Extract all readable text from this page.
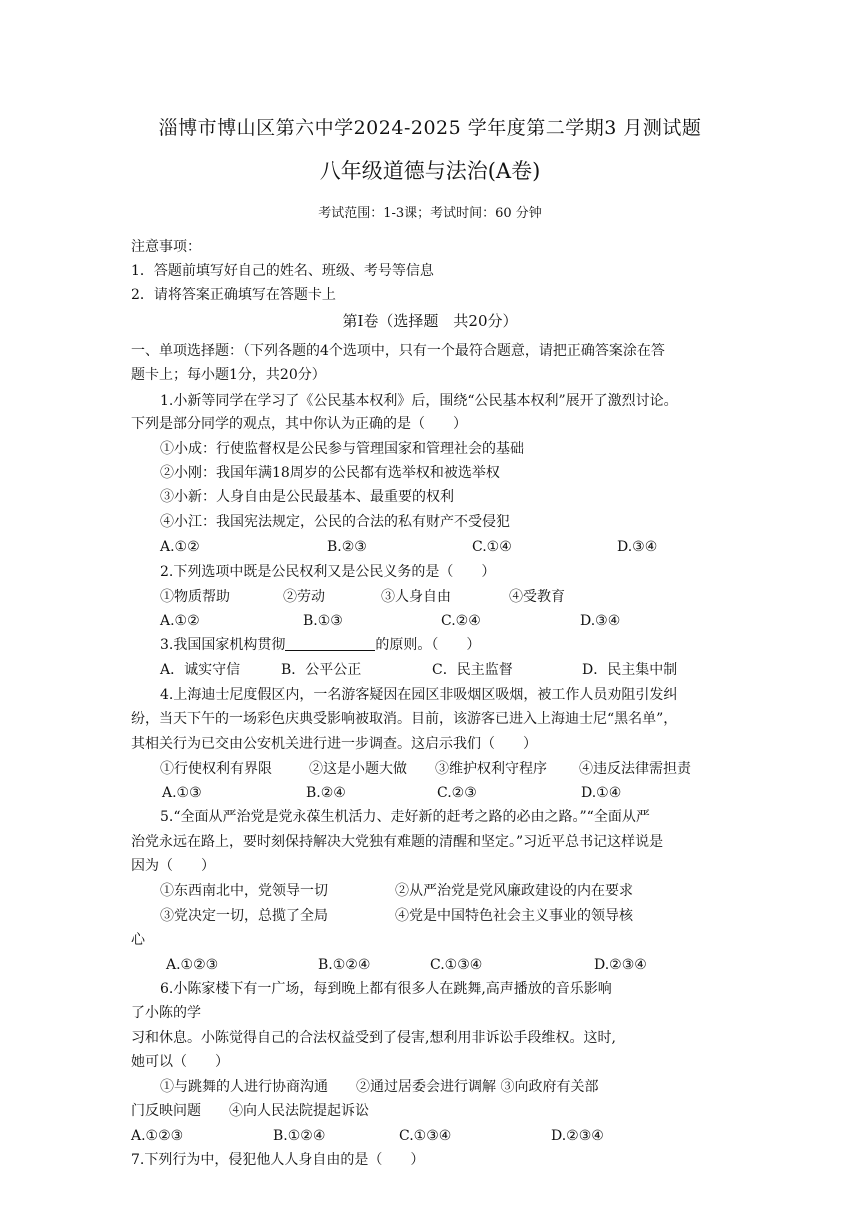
淄博市博山区第六中学2024-2025 学年度第二学期3 月测试题
八年级道德与法治(A卷)
考试范围：1-3课；考试时间：60 分钟
注意事项：
1．答题前填写好自己的姓名、班级、考号等信息
2．请将答案正确填写在答题卡上
第Ⅰ卷（选择题　共20分）
一、单项选择题：（下列各题的4个选项中，只有一个最符合题意，请把正确答案涂在答
题卡上；每小题1分，共20分）
1.小新等同学在学习了《公民基本权利》后，围绕“公民基本权利”展开了激烈讨论。
下列是部分同学的观点，其中你认为正确的是（　　）
①小成：行使监督权是公民参与管理国家和管理社会的基础
②小刚：我国年满18周岁的公民都有选举权和被选举权
③小新：人身自由是公民最基本、最重要的权利
④小江：我国宪法规定，公民的合法的私有财产不受侵犯
A.①②	B.②③	C.①④	D.③④
2.下列选项中既是公民权利又是公民义务的是（　　）
①物质帮助	②劳动	③人身自由	④受教育
A.①②	B.①③	C.②④	D.③④
3.我国国家机构贯彻	的原则。（　　）
A．诚实守信	B．公平公正	C．民主监督	D．民主集中制
4.上海迪士尼度假区内，一名游客疑因在园区非吸烟区吸烟，被工作人员劝阻引发纠
纷，当天下午的一场彩色庆典受影响被取消。目前，该游客已进入上海迪士尼“黑名单”，
其相关行为已交由公安机关进行进一步调查。这启示我们（　　）
①行使权利有界限	②这是小题大做 ③维护权利守程序 ④违反法律需担责
A.①③	B.②④	C.②③	D.①④
5.“全面从严治党是党永葆生机活力、走好新的赶考之路的必由之路。”“全面从严
治党永远在路上，要时刻保持解决大党独有难题的清醒和坚定。”习近平总书记这样说是
因为（　　）
①东西南北中，党领导一切	②从严治党是党风廉政建设的内在要求
③党决定一切，总揽了全局	④党是中国特色社会主义事业的领导核
心
A.①②③	B.①②④	C.①③④	D.②③④
6.小陈家楼下有一广场，每到晚上都有很多人在跳舞,高声播放的音乐影响
了小陈的学
习和休息。小陈觉得自己的合法权益受到了侵害,想利用非诉讼手段维权。这时,
她可以（　　）
①与跳舞的人进行协商沟通　　②通过居委会进行调解 ③向政府有关部
门反映问题　　④向人民法院提起诉讼
A.①②③	B.①②④	C.①③④	D.②③④
7.下列行为中，侵犯他人人身自由的是（　　）
